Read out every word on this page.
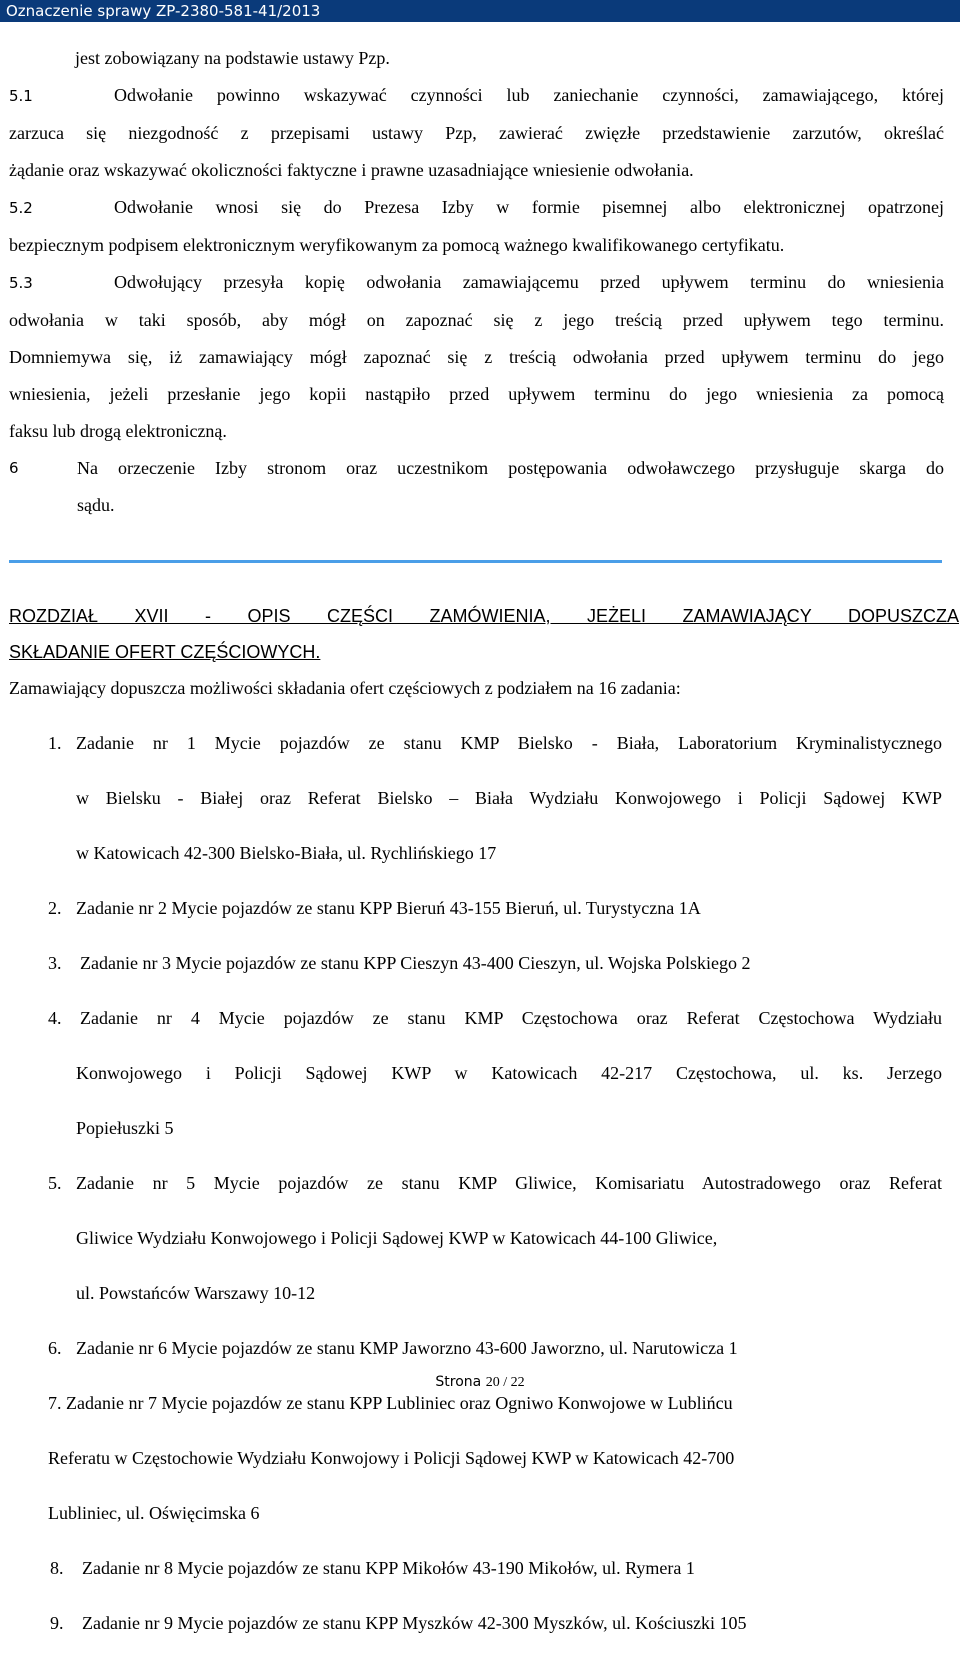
Oznaczenie sprawy ZP-2380-581-41/2013

jest zobowiązany na podstawie ustawy Pzp.

5.1	Odwołanie powinno wskazywać czynności lub zaniechanie czynności, zamawiającego, której

zarzuca się niezgodność z przepisami ustawy Pzp, zawierać zwięzłe przedstawienie zarzutów, określać

żądanie oraz wskazywać okoliczności faktyczne i prawne uzasadniające wniesienie odwołania.

5.2	Odwołanie wnosi się do Prezesa Izby w formie pisemnej albo elektronicznej opatrzonej

bezpiecznym podpisem elektronicznym weryfikowanym za pomocą ważnego kwalifikowanego certyfikatu.

5.3	Odwołujący przesyła kopię odwołania zamawiającemu przed upływem terminu do wniesienia

odwołania w taki sposób, aby mógł on zapoznać się z jego treścią przed upływem tego terminu.

Domniemywa się, iż zamawiający mógł zapoznać się z treścią odwołania przed upływem terminu do jego

wniesienia, jeżeli przesłanie jego kopii nastąpiło przed upływem terminu do jego wniesienia za pomocą

faksu lub drogą elektroniczną.

6	Na orzeczenie Izby stronom oraz uczestnikom postępowania odwoławczego przysługuje skarga do

sądu.

ROZDZIAŁ XVII - OPIS CZĘŚCI ZAMÓWIENIA, JEŻELI ZAMAWIAJĄCY DOPUSZCZA
SKŁADANIE OFERT CZĘŚCIOWYCH.
Zamawiający dopuszcza możliwości składania ofert częściowych z podziałem na 16 zadania:

1. Zadanie nr 1 Mycie pojazdów ze stanu KMP Bielsko - Biała, Laboratorium Kryminalistycznego

w Bielsku - Białej oraz Referat Bielsko – Biała Wydziału Konwojowego i Policji Sądowej KWP

w Katowicach 42-300 Bielsko-Biała, ul. Rychlińskiego 17

2. Zadanie nr 2 Mycie pojazdów ze stanu KPP Bieruń 43-155 Bieruń, ul. Turystyczna 1A

3. Zadanie nr 3 Mycie pojazdów ze stanu KPP Cieszyn 43-400 Cieszyn, ul. Wojska Polskiego 2

4. Zadanie nr 4 Mycie pojazdów ze stanu KMP Częstochowa oraz Referat Częstochowa Wydziału

Konwojowego i Policji Sądowej KWP w Katowicach 42-217 Częstochowa, ul. ks. Jerzego

Popiełuszki 5

5. Zadanie nr 5 Mycie pojazdów ze stanu KMP Gliwice, Komisariatu Autostradowego oraz Referat

Gliwice Wydziału Konwojowego i Policji Sądowej KWP w Katowicach 44-100 Gliwice,

ul. Powstańców Warszawy 10-12

6. Zadanie nr 6 Mycie pojazdów ze stanu KMP Jaworzno 43-600 Jaworzno, ul. Narutowicza 1

7. Zadanie nr 7 Mycie pojazdów ze stanu KPP Lubliniec oraz Ogniwo Konwojowe w Lublińcu

Referatu w Częstochowie Wydziału Konwojowy i Policji Sądowej KWP w Katowicach 42-700

Lubliniec, ul. Oświęcimska 6

8. Zadanie nr 8 Mycie pojazdów ze stanu KPP Mikołów 43-190 Mikołów, ul. Rymera 1

9. Zadanie nr 9 Mycie pojazdów ze stanu KPP Myszków 42-300 Myszków, ul. Kościuszki 105

Strona 20 / 22
